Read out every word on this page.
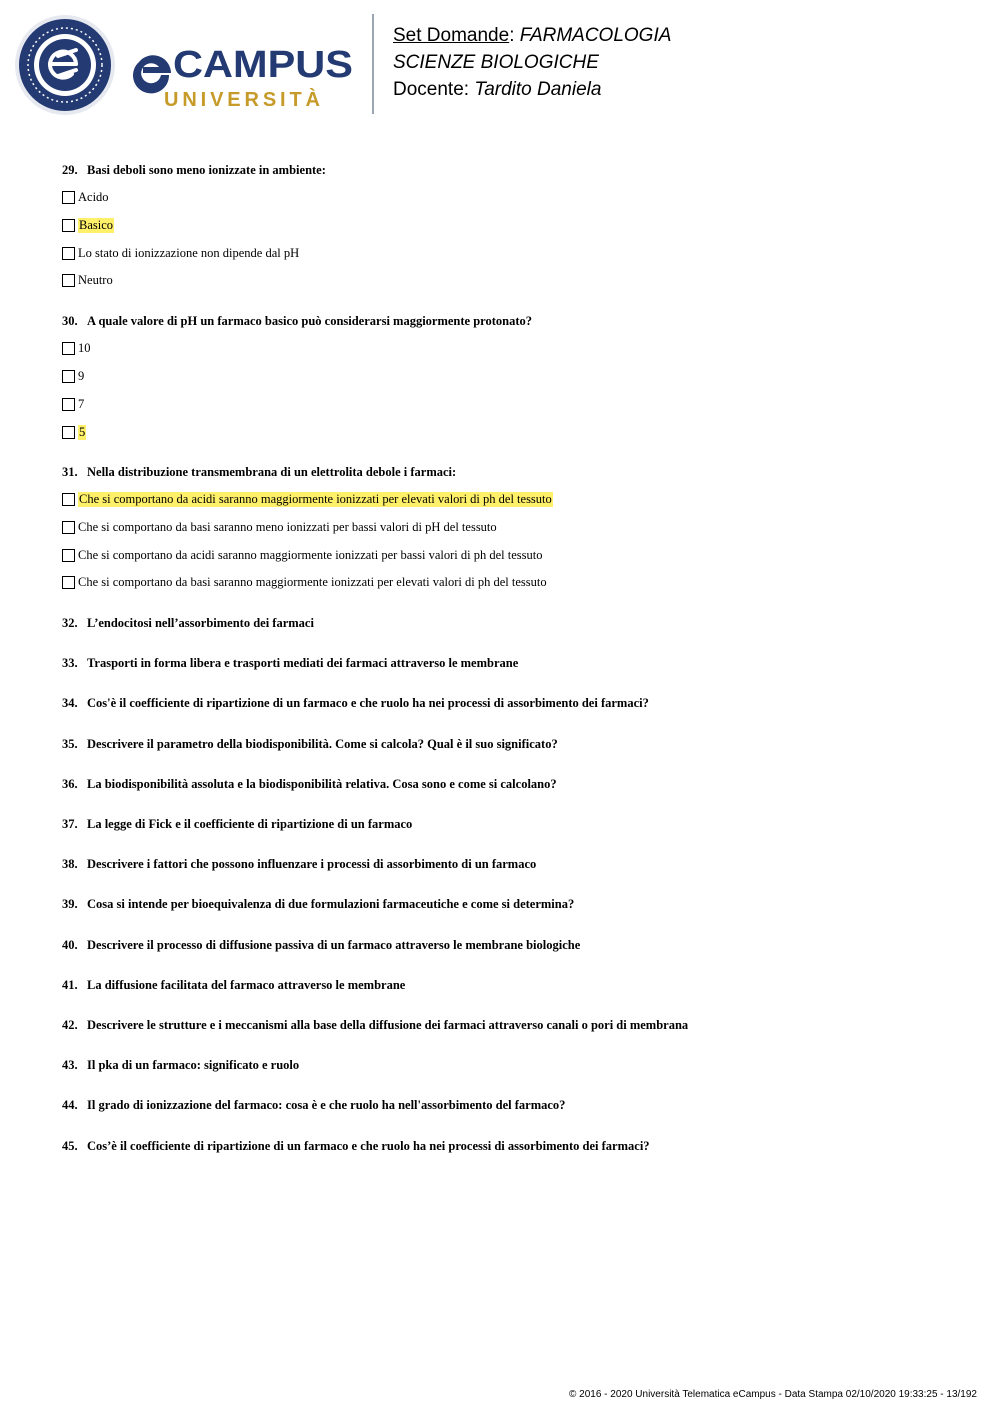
CAMPUS
UNIVERSITÀ
Set Domande: FARMACOLOGIA
SCIENZE BIOLOGICHE
Docente: Tardito Daniela
29. Basi deboli sono meno ionizzate in ambiente:
Acido
Basico
Lo stato di ionizzazione non dipende dal pH
Neutro
30. A quale valore di pH un farmaco basico può considerarsi maggiormente protonato?
10
9
7
5
31. Nella distribuzione transmembrana di un elettrolita debole i farmaci:
Che si comportano da acidi saranno maggiormente ionizzati per elevati valori di ph del tessuto
Che si comportano da basi saranno meno ionizzati per bassi valori di pH del tessuto
Che si comportano da acidi saranno maggiormente ionizzati per bassi valori di ph del tessuto
Che si comportano da basi saranno maggiormente ionizzati per elevati valori di ph del tessuto
32. L’endocitosi nell’assorbimento dei farmaci
33. Trasporti in forma libera e trasporti mediati dei farmaci attraverso le membrane
34. Cos'è il coefficiente di ripartizione di un farmaco e che ruolo ha nei processi di assorbimento dei farmaci?
35. Descrivere il parametro della biodisponibilità. Come si calcola? Qual è il suo significato?
36. La biodisponibilità assoluta e la biodisponibilità relativa. Cosa sono e come si calcolano?
37. La legge di Fick e il coefficiente di ripartizione di un farmaco
38. Descrivere i fattori che possono influenzare i processi di assorbimento di un farmaco
39. Cosa si intende per bioequivalenza di due formulazioni farmaceutiche e come si determina?
40. Descrivere il processo di diffusione passiva di un farmaco attraverso le membrane biologiche
41. La diffusione facilitata del farmaco attraverso le membrane
42. Descrivere le strutture e i meccanismi alla base della diffusione dei farmaci attraverso canali o pori di membrana
43. Il pka di un farmaco: significato e ruolo
44. Il grado di ionizzazione del farmaco: cosa è e che ruolo ha nell'assorbimento del farmaco?
45. Cos’è il coefficiente di ripartizione di un farmaco e che ruolo ha nei processi di assorbimento dei farmaci?
© 2016 - 2020 Università Telematica eCampus - Data Stampa 02/10/2020 19:33:25 - 13/192
